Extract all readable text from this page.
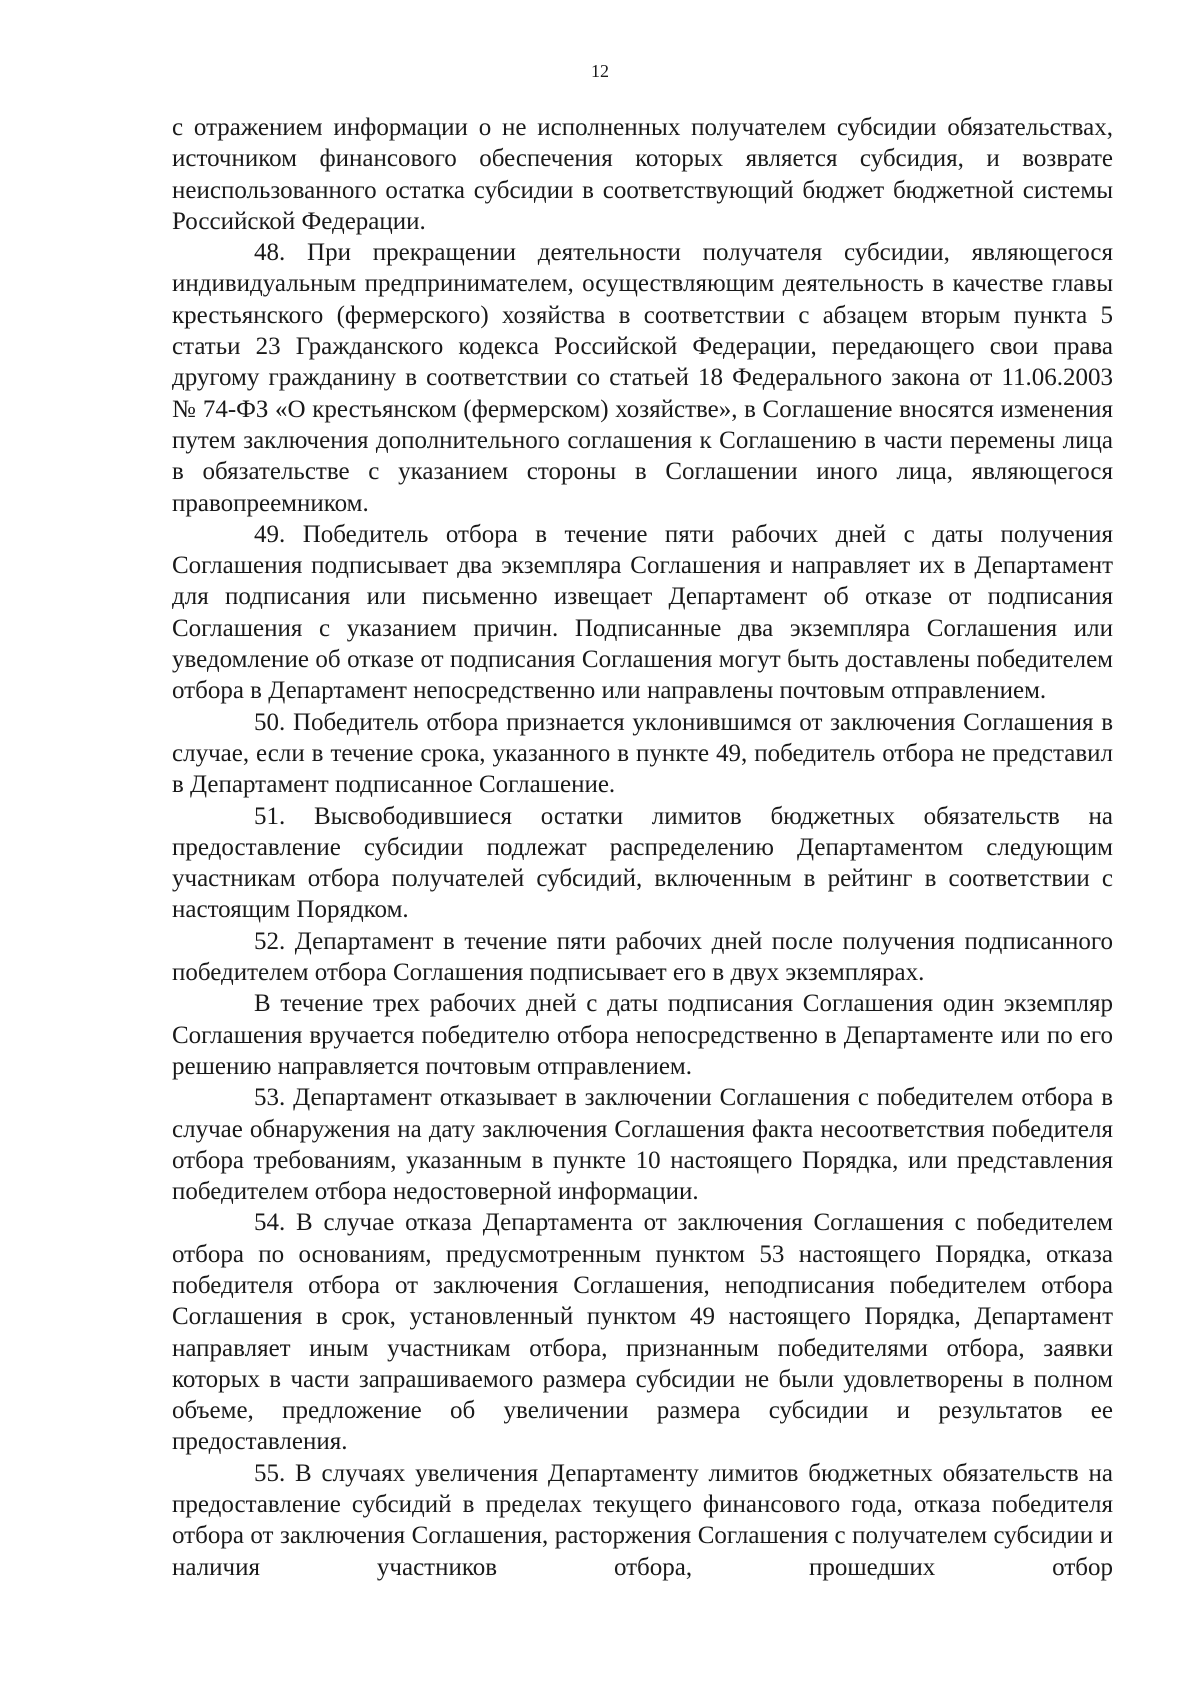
12

с отражением информации о не исполненных получателем субсидии обязательствах, источником финансового обеспечения которых является субсидия, и возврате неиспользованного остатка субсидии в соответствующий бюджет бюджетной системы Российской Федерации.

48. При прекращении деятельности получателя субсидии, являющегося индивидуальным предпринимателем, осуществляющим деятельность в качестве главы крестьянского (фермерского) хозяйства в соответствии с абзацем вторым пункта 5 статьи 23 Гражданского кодекса Российской Федерации, передающего свои права другому гражданину в соответствии со статьей 18 Федерального закона от 11.06.2003 № 74-ФЗ «О крестьянском (фермерском) хозяйстве», в Соглашение вносятся изменения путем заключения дополнительного соглашения к Соглашению в части перемены лица в обязательстве с указанием стороны в Соглашении иного лица, являющегося правопреемником.

49. Победитель отбора в течение пяти рабочих дней с даты получения Соглашения подписывает два экземпляра Соглашения и направляет их в Департамент для подписания или письменно извещает Департамент об отказе от подписания Соглашения с указанием причин. Подписанные два экземпляра Соглашения или уведомление об отказе от подписания Соглашения могут быть доставлены победителем отбора в Департамент непосредственно или направлены почтовым отправлением.

50. Победитель отбора признается уклонившимся от заключения Соглашения в случае, если в течение срока, указанного в пункте 49, победитель отбора не представил в Департамент подписанное Соглашение.

51. Высвободившиеся остатки лимитов бюджетных обязательств на предоставление субсидии подлежат распределению Департаментом следующим участникам отбора получателей субсидий, включенным в рейтинг в соответствии с настоящим Порядком.

52. Департамент в течение пяти рабочих дней после получения подписанного победителем отбора Соглашения подписывает его в двух экземплярах.

В течение трех рабочих дней с даты подписания Соглашения один экземпляр Соглашения вручается победителю отбора непосредственно в Департаменте или по его решению направляется почтовым отправлением.

53. Департамент отказывает в заключении Соглашения с победителем отбора в случае обнаружения на дату заключения Соглашения факта несоответствия победителя отбора требованиям, указанным в пункте 10 настоящего Порядка, или представления победителем отбора недостоверной информации.

54. В случае отказа Департамента от заключения Соглашения с победителем отбора по основаниям, предусмотренным пунктом 53 настоящего Порядка, отказа победителя отбора от заключения Соглашения, неподписания победителем отбора Соглашения в срок, установленный пунктом 49 настоящего Порядка, Департамент направляет иным участникам отбора, признанным победителями отбора, заявки которых в части запрашиваемого размера субсидии не были удовлетворены в полном объеме, предложение об увеличении размера субсидии и результатов ее предоставления.

55. В случаях увеличения Департаменту лимитов бюджетных обязательств на предоставление субсидий в пределах текущего финансового года, отказа победителя отбора от заключения Соглашения, расторжения Соглашения с получателем субсидии и наличия участников отбора, прошедших отбор
